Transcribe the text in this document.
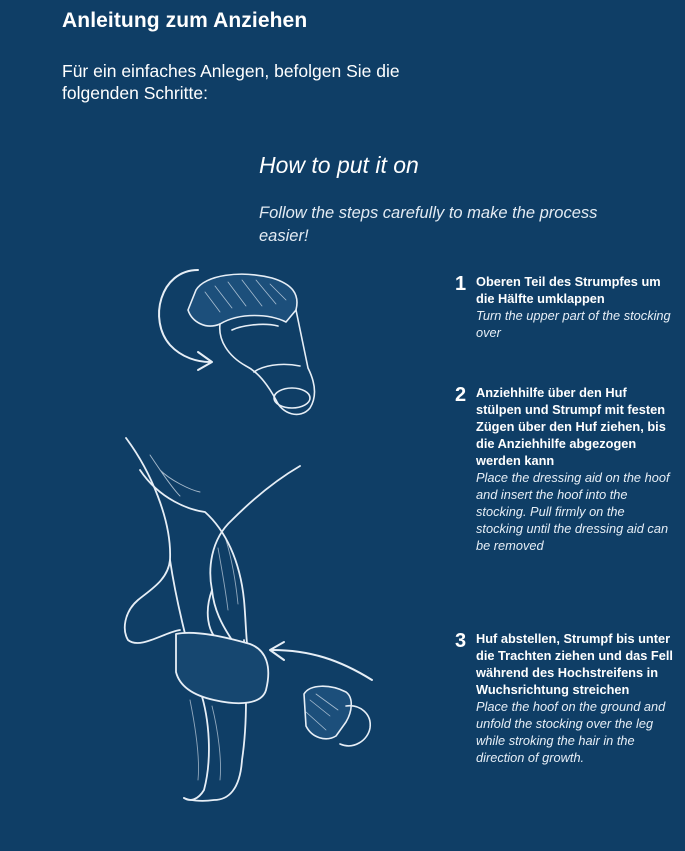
Anleitung zum Anziehen
Für ein einfaches Anlegen, befolgen Sie die folgenden Schritte:
How to put it on
Follow the steps carefully to make the process easier!
1 Oberen Teil des Strumpfes um die Hälfte umklappen
Turn the upper part of the stocking over
2 Anziehhilfe über den Huf stülpen und Strumpf mit festen Zügen über den Huf ziehen, bis die Anziehhilfe abgezogen werden kann
Place the dressing aid on the hoof and insert the hoof into the stocking. Pull firmly on the stocking until the dressing aid can be removed
3 Huf abstellen, Strumpf bis unter die Trachten ziehen und das Fell während des Hochstreifens in Wuchsrichtung streichen
Place the hoof on the ground and unfold the stocking over the leg while stroking the hair in the direction of growth.
